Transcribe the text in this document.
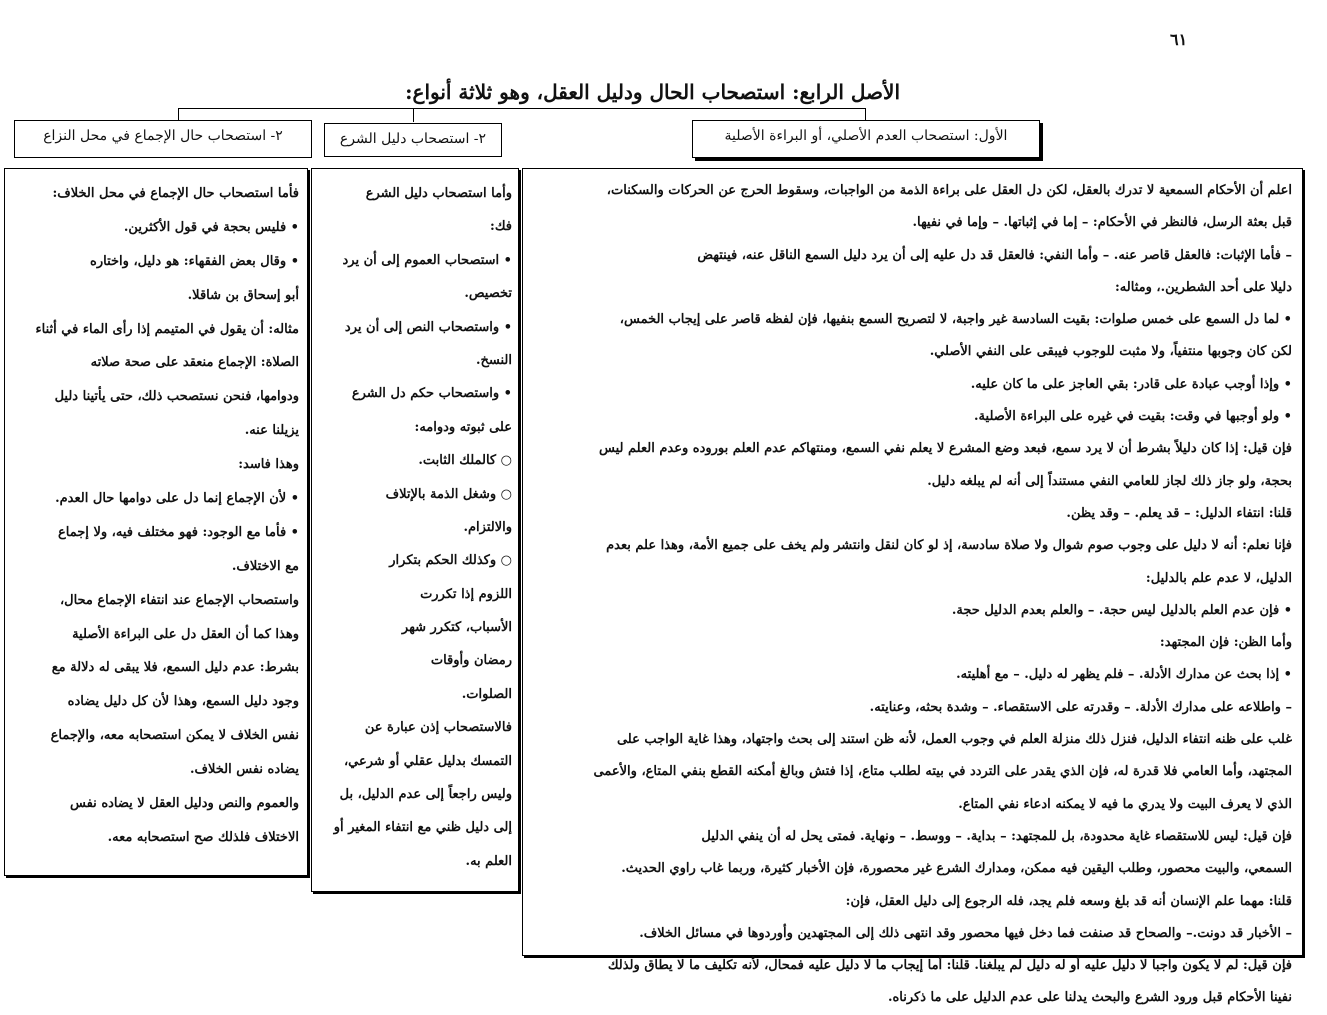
٦١
الأصل الرابع: استصحاب الحال ودليل العقل، وهو ثلاثة أنواع:
الأول: استصحاب العدم الأصلي، أو البراءة الأصلية
٢- استصحاب دليل الشرع
٢- استصحاب حال الإجماع في محل النزاع

اعلم أن الأحكام السمعية لا تدرك بالعقل، لكن دل العقل على براءة الذمة من الواجبات، وسقوط الحرج عن الحركات والسكنات،

قبل بعثة الرسل، فالنظر في الأحكام: – إما في إثباتها. – وإما في نفيها.

– فأما الإثبات: فالعقل قاصر عنه. – وأما النفي: فالعقل قد دل عليه إلى أن يرد دليل السمع الناقل عنه، فينتهض

دليلا على أحد الشطرين.، ومثاله:

• لما دل السمع على خمس صلوات: بقيت السادسة غير واجبة، لا لتصريح السمع بنفيها، فإن لفظه قاصر على إيجاب الخمس،

لكن كان وجوبها منتفياً، ولا مثبت للوجوب فيبقى على النفي الأصلي.

• وإذا أوجب عبادة على قادر: بقي العاجز على ما كان عليه.

• ولو أوجبها في وقت: بقيت في غيره على البراءة الأصلية.

فإن قيل: إذا كان دليلاً بشرط أن لا يرد سمع، فبعد وضع المشرع لا يعلم نفي السمع، ومنتهاكم عدم العلم بوروده وعدم العلم ليس

بحجة، ولو جاز ذلك لجاز للعامي النفي مستنداً إلى أنه لم يبلغه دليل.

قلنا: انتفاء الدليل: – قد يعلم. – وقد يظن.

فإنا نعلم: أنه لا دليل على وجوب صوم شوال ولا صلاة سادسة، إذ لو كان لنقل وانتشر ولم يخف على جميع الأمة، وهذا علم بعدم

الدليل، لا عدم علم بالدليل:

• فإن عدم العلم بالدليل ليس حجة. – والعلم بعدم الدليل حجة.

وأما الظن: فإن المجتهد:

• إذا بحث عن مدارك الأدلة. – فلم يظهر له دليل. – مع أهليته.

– واطلاعه على مدارك الأدلة. – وقدرته على الاستقصاء. – وشدة بحثه، وعنايته.

غلب على ظنه انتفاء الدليل، فنزل ذلك منزلة العلم في وجوب العمل، لأنه ظن استند إلى بحث واجتهاد، وهذا غاية الواجب على

المجتهد، وأما العامي فلا قدرة له، فإن الذي يقدر على التردد في بيته لطلب متاع، إذا فتش وبالغ أمكنه القطع بنفي المتاع، والأعمى

الذي لا يعرف البيت ولا يدري ما فيه لا يمكنه ادعاء نفي المتاع.

فإن قيل: ليس للاستقصاء غاية محدودة، بل للمجتهد: – بداية. – ووسط. – ونهاية. فمتى يحل له أن ينفي الدليل

السمعي، والبيت محصور، وطلب اليقين فيه ممكن، ومدارك الشرع غير محصورة، فإن الأخبار كثيرة، وربما غاب راوي الحديث.

قلنا: مهما علم الإنسان أنه قد بلغ وسعه فلم يجد، فله الرجوع إلى دليل العقل، فإن:

– الأخبار قد دونت.– والصحاح قد صنفت فما دخل فيها محصور وقد انتهى ذلك إلى المجتهدين وأوردوها في مسائل الخلاف.

فإن قيل: لم لا يكون واجبا لا دليل عليه أو له دليل لم يبلغنا. قلنا: أما إيجاب ما لا دليل عليه فمحال، لأنه تكليف ما لا يطاق ولذلك

نفينا الأحكام قبل ورود الشرع والبحث يدلنا على عدم الدليل على ما ذكرناه.

وأما استصحاب دليل الشرع

فك:

• استصحاب العموم إلى أن يرد

تخصيص.

• واستصحاب النص إلى أن يرد

النسخ.

• واستصحاب حكم دل الشرع

على ثبوته ودوامه:

○ كالملك الثابت.

○ وشغل الذمة بالإتلاف

والالتزام.

○ وكذلك الحكم بتكرار

اللزوم إذا تكررت

الأسباب، كتكرر شهر

رمضان وأوقات

الصلوات.

فالاستصحاب إذن عبارة عن

التمسك بدليل عقلي أو شرعي،

وليس راجعاً إلى عدم الدليل، بل

إلى دليل ظني مع انتفاء المغير أو

العلم به.

فأما استصحاب حال الإجماع في محل الخلاف:

• فليس بحجة في قول الأكثرين.

• وقال بعض الفقهاء: هو دليل، واختاره

أبو إسحاق بن شاقلا.

مثاله: أن يقول في المتيمم إذا رأى الماء في أثناء

الصلاة: الإجماع منعقد على صحة صلاته

ودوامها، فنحن نستصحب ذلك، حتى يأتينا دليل

يزيلنا عنه.

وهذا فاسد:

• لأن الإجماع إنما دل على دوامها حال العدم.

• فأما مع الوجود: فهو مختلف فيه، ولا إجماع

مع الاختلاف.

واستصحاب الإجماع عند انتفاء الإجماع محال،

وهذا كما أن العقل دل على البراءة الأصلية

بشرط: عدم دليل السمع، فلا يبقى له دلالة مع

وجود دليل السمع، وهذا لأن كل دليل يضاده

نفس الخلاف لا يمكن استصحابه معه، والإجماع

يضاده نفس الخلاف.

والعموم والنص ودليل العقل لا يضاده نفس

الاختلاف فلذلك صح استصحابه معه.
